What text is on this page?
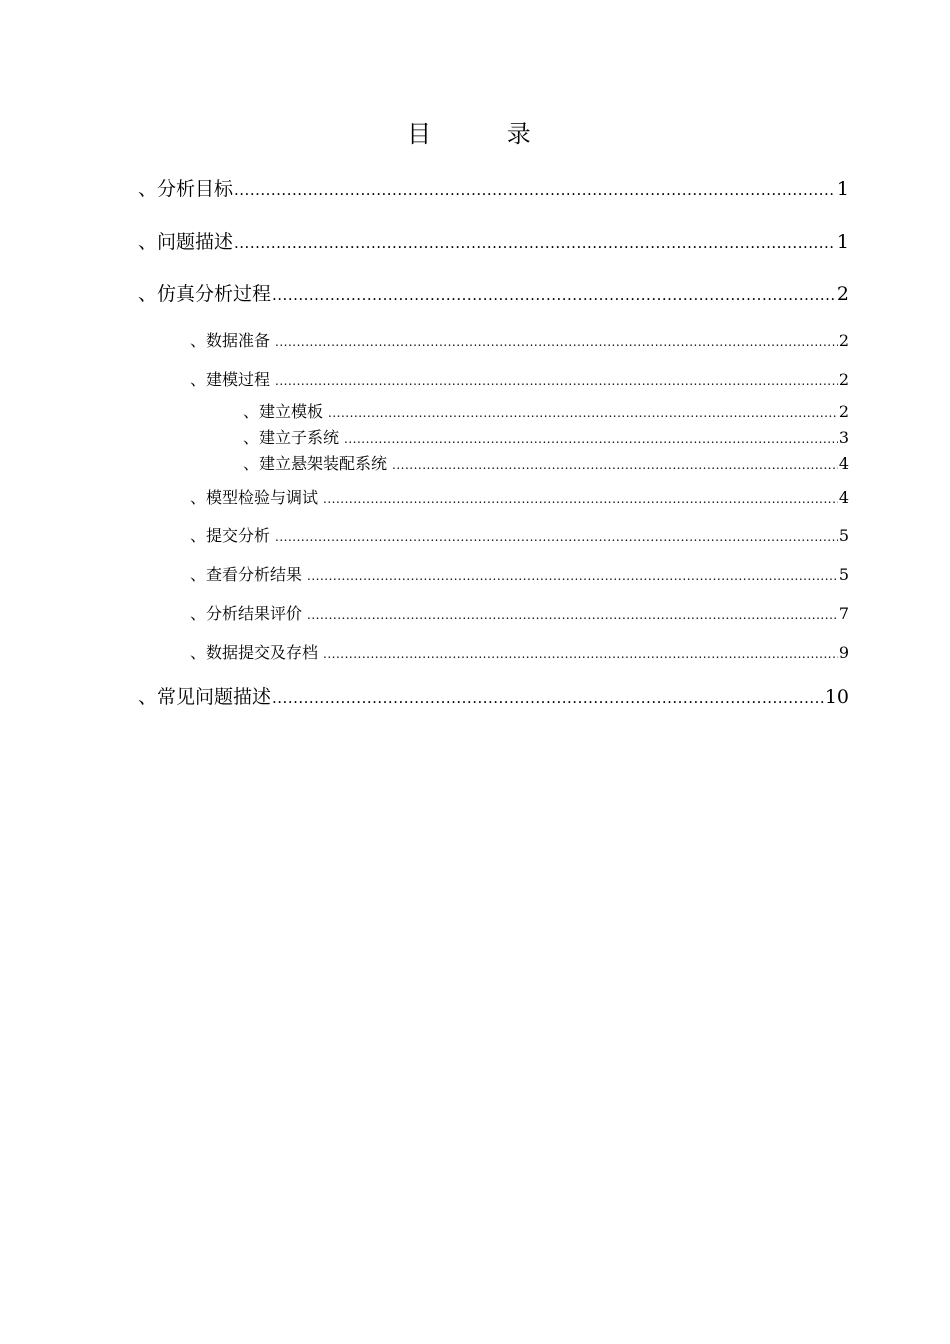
目 录
、分析目标 .....	1
、问题描述 .....	1
、仿真分析过程 .....	2
、数据准备 .....	2
、建模过程 .....	2
、建立模板 .....	2
、建立子系统 .....	3
、建立悬架装配系统 .....	4
、模型检验与调试 .....	4
、提交分析 .....	5
、查看分析结果 .....	5
、分析结果评价 .....	7
、数据提交及存档 .....	9
、常见问题描述 .....	10
